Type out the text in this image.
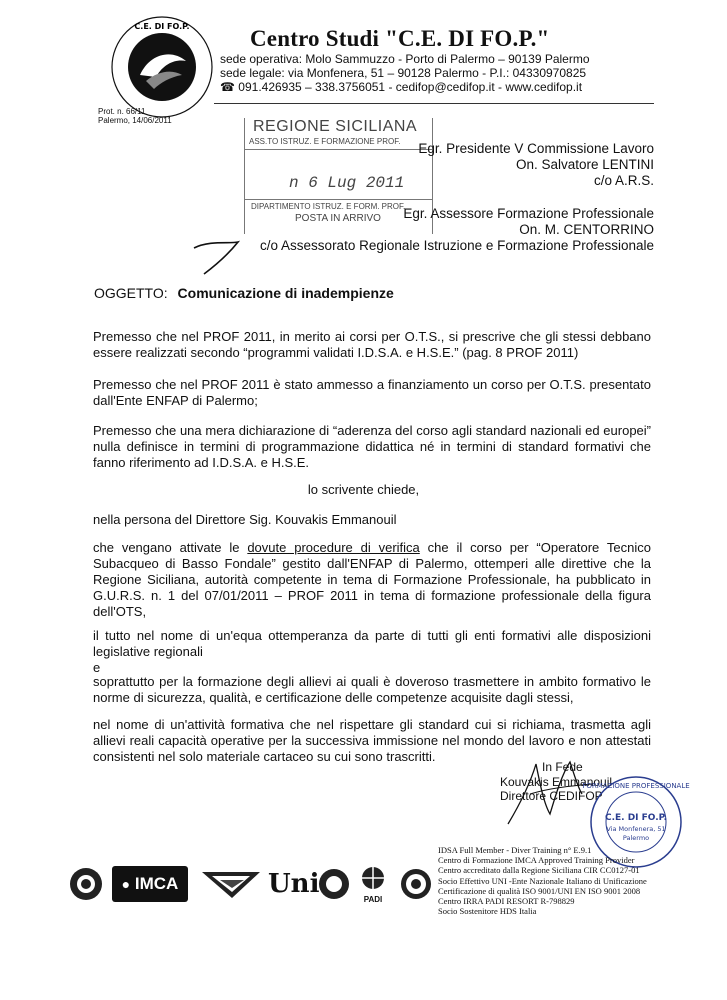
C.E. DI FO.P.	Centro Studi "C.E. DI FO.P."
sede operativa: Molo Sammuzzo - Porto di Palermo – 90139 Palermo
sede legale: via Monfenera, 51 – 90128 Palermo - P.I.: 04330970825
☎ 091.426935 – 338.3756051 - cedifop@cedifop.it - www.cedifop.it
Prot. n. 66/11
Palermo, 14/06/2011	REGIONE SICILIANA
ASS.TO ISTRUZ. E FORMAZIONE PROF.
n 6 Lug 2011
DIPARTIMENTO ISTRUZ. E FORM. PROF.
POSTA IN ARRIVO
Egr. Presidente V Commissione Lavoro
On. Salvatore LENTINI
c/o A.R.S.
Egr. Assessore Formazione Professionale
On. M. CENTORRINO
c/o Assessorato Regionale Istruzione e Formazione Professionale
OGGETTO: Comunicazione di inadempienze
Premesso che nel PROF 2011, in merito ai corsi per O.T.S., si prescrive che gli stessi debbano essere realizzati secondo “programmi validati I.D.S.A. e H.S.E.” (pag. 8 PROF 2011)
Premesso che nel PROF 2011 è stato ammesso a finanziamento un corso per O.T.S. presentato dall'Ente ENFAP di Palermo;
Premesso che una mera dichiarazione di “aderenza del corso agli standard nazionali ed europei” nulla definisce in termini di programmazione didattica né in termini di standard formativi che fanno riferimento ad I.D.S.A. e H.S.E.
lo scrivente chiede,
nella persona del Direttore Sig. Kouvakis Emmanouil
che vengano attivate le dovute procedure di verifica che il corso per “Operatore Tecnico Subacqueo di Basso Fondale” gestito dall'ENFAP di Palermo, ottemperi alle direttive che la Regione Siciliana, autorità competente in tema di Formazione Professionale, ha pubblicato in G.U.R.S. n. 1 del 07/01/2011 – PROF 2011 in tema di formazione professionale della figura dell'OTS,
il tutto nel nome di un'equa ottemperanza da parte di tutti gli enti formativi alle disposizioni legislative regionali
e
soprattutto per la formazione degli allievi ai quali è doveroso trasmettere in ambito formativo le norme di sicurezza, qualità, e certificazione delle competenze acquisite dagli stessi,
nel nome di un'attività formativa che nel rispettare gli standard cui si richiama, trasmetta agli allievi reali capacità operative per la successiva immissione nel mondo del lavoro e non attestati consistenti nel solo materiale cartaceo su cui sono trascritti.
In Fede
Kouvakis Emmanouil
Direttore CEDIFOP
FORMAZIONE PROFESSIONALE
C.E. DI FO.P.
Via Monfenera, 51
Palermo
IDSA Full Member - Diver Training n° E.9.1
Centro di Formazione IMCA Approved Training Provider
Centro accreditato dalla Regione Siciliana CIR CC0127-01
Socio Effettivo UNI -Ente Nazionale Italiano di Unificazione
Certificazione di qualità ISO 9001/UNI EN ISO 9001 2008
Centro IRRA PADI RESORT R-798829
Socio Sostenitore HDS Italia
● IMCA	Uni
PADI
